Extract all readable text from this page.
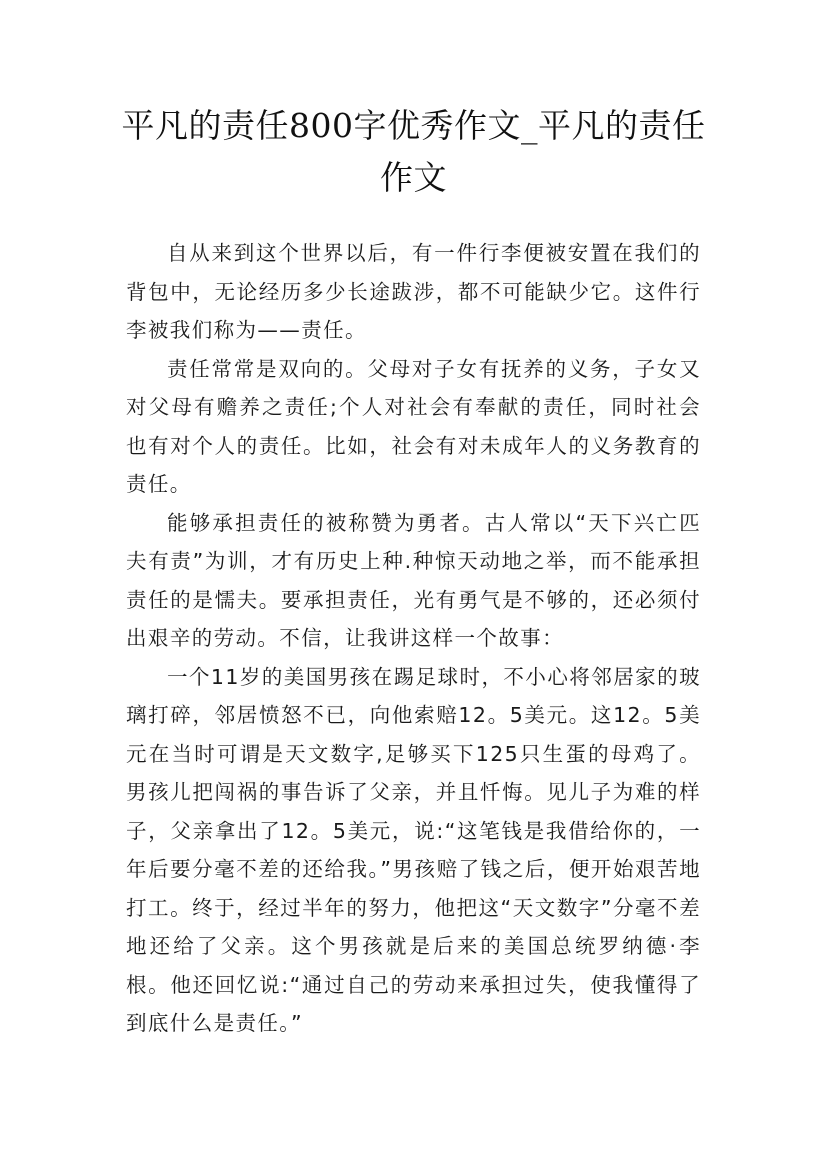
平凡的责任800字优秀作文_平凡的责任作文

自从来到这个世界以后，有一件行李便被安置在我们的背包中，无论经历多少长途跋涉，都不可能缺少它。这件行李被我们称为——责任。

责任常常是双向的。父母对子女有抚养的义务，子女又对父母有赡养之责任;个人对社会有奉献的责任，同时社会也有对个人的责任。比如，社会有对未成年人的义务教育的责任。

能够承担责任的被称赞为勇者。古人常以“天下兴亡匹夫有责”为训，才有历史上种.种惊天动地之举，而不能承担责任的是懦夫。要承担责任，光有勇气是不够的，还必须付出艰辛的劳动。不信，让我讲这样一个故事：

一个11岁的美国男孩在踢足球时，不小心将邻居家的玻璃打碎，邻居愤怒不已，向他索赔12。5美元。这12。5美元在当时可谓是天文数字,足够买下125只生蛋的母鸡了。男孩儿把闯祸的事告诉了父亲，并且忏悔。见儿子为难的样子，父亲拿出了12。5美元，说:“这笔钱是我借给你的，一年后要分毫不差的还给我。”男孩赔了钱之后，便开始艰苦地打工。终于，经过半年的努力，他把这“天文数字”分毫不差地还给了父亲。这个男孩就是后来的美国总统罗纳德·李根。他还回忆说:“通过自己的劳动来承担过失，使我懂得了到底什么是责任。”
